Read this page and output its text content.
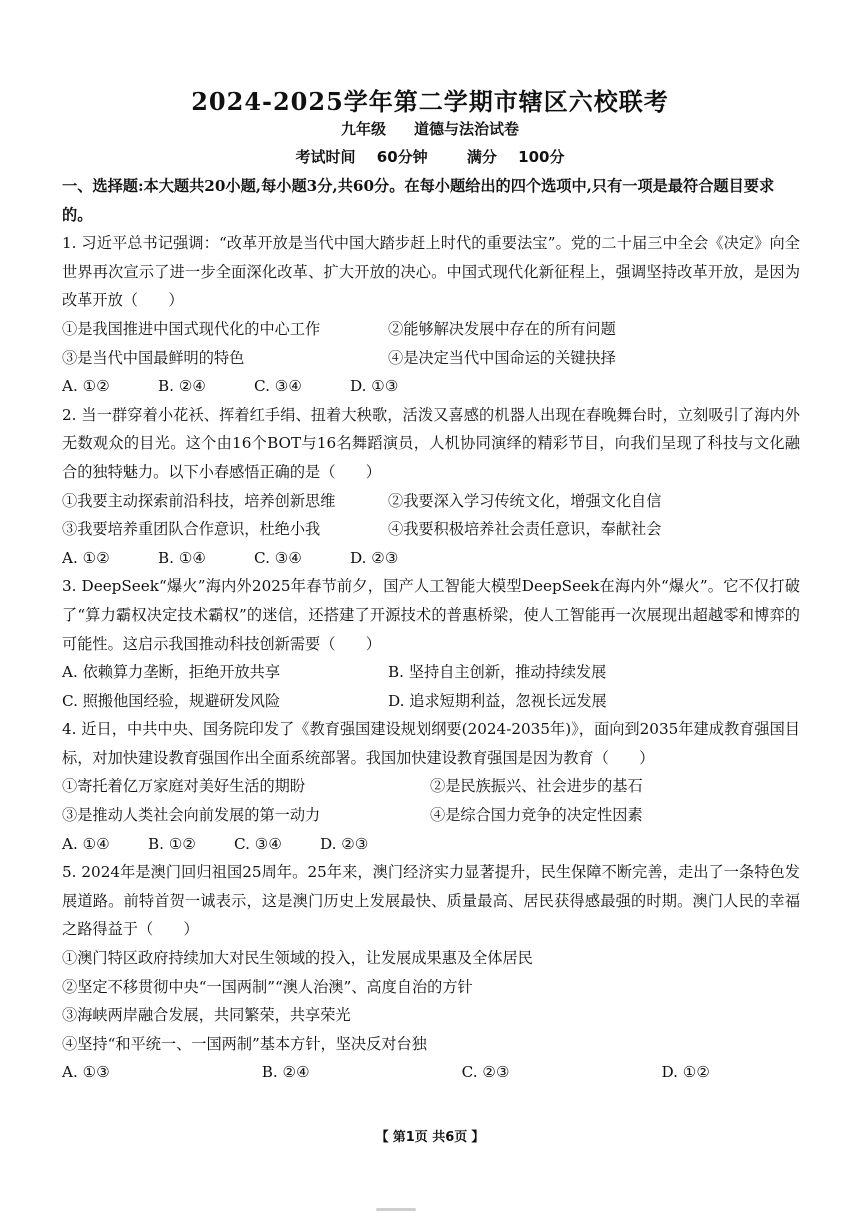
2024-2025学年第二学期市辖区六校联考
九年级 道德与法治试卷
考试时间 60分钟	满分 100分

一、选择题:本大题共20小题,每小题3分,共60分。在每小题给出的四个选项中,只有一项是最符合题目要求的。

1. 习近平总书记强调：“改革开放是当代中国大踏步赶上时代的重要法宝”。党的二十届三中全会《决定》向全世界再次宣示了进一步全面深化改革、扩大开放的决心。中国式现代化新征程上，强调坚持改革开放，是因为改革开放（　　）

①是我国推进中国式现代化的中心工作	②能够解决发展中存在的所有问题
③是当代中国最鲜明的特色	④是决定当代中国命运的关键抉择
A. ①②	B. ②④	C. ③④	D. ①③

2. 当一群穿着小花袄、挥着红手绢、扭着大秧歌，活泼又喜感的机器人出现在春晚舞台时，立刻吸引了海内外无数观众的目光。这个由16个BOT与16名舞蹈演员，人机协同演绎的精彩节目，向我们呈现了科技与文化融合的独特魅力。以下小春感悟正确的是（　　）

①我要主动探索前沿科技，培养创新思维	②我要深入学习传统文化，增强文化自信
③我要培养重团队合作意识，杜绝小我	④我要积极培养社会责任意识，奉献社会
A. ①②	B. ①④	C. ③④	D. ②③

3. DeepSeek“爆火”海内外2025年春节前夕，国产人工智能大模型DeepSeek在海内外“爆火”。它不仅打破了“算力霸权决定技术霸权”的迷信，还搭建了开源技术的普惠桥梁，使人工智能再一次展现出超越零和博弈的可能性。这启示我国推动科技创新需要（　　）

A. 依赖算力垄断，拒绝开放共享	B. 坚持自主创新，推动持续发展
C. 照搬他国经验，规避研发风险	D. 追求短期利益，忽视长远发展

4. 近日，中共中央、国务院印发了《教育强国建设规划纲要(2024-2035年)》，面向到2035年建成教育强国目标，对加快建设教育强国作出全面系统部署。我国加快建设教育强国是因为教育（　　）

①寄托着亿万家庭对美好生活的期盼	②是民族振兴、社会进步的基石
③是推动人类社会向前发展的第一动力	④是综合国力竞争的决定性因素
A. ①④	B. ①②	C. ③④	D. ②③

5. 2024年是澳门回归祖国25周年。25年来，澳门经济实力显著提升，民生保障不断完善，走出了一条特色发展道路。前特首贺一诚表示，这是澳门历史上发展最快、质量最高、居民获得感最强的时期。澳门人民的幸福之路得益于（　　）

①澳门特区政府持续加大对民生领域的投入，让发展成果惠及全体居民
②坚定不移贯彻中央“一国两制”“澳人治澳”、高度自治的方针
③海峡两岸融合发展，共同繁荣，共享荣光
④坚持“和平统一、一国两制”基本方针，坚决反对台独
A. ①③	B. ②④	C. ②③	D. ①②
【 第1页 共6页 】
